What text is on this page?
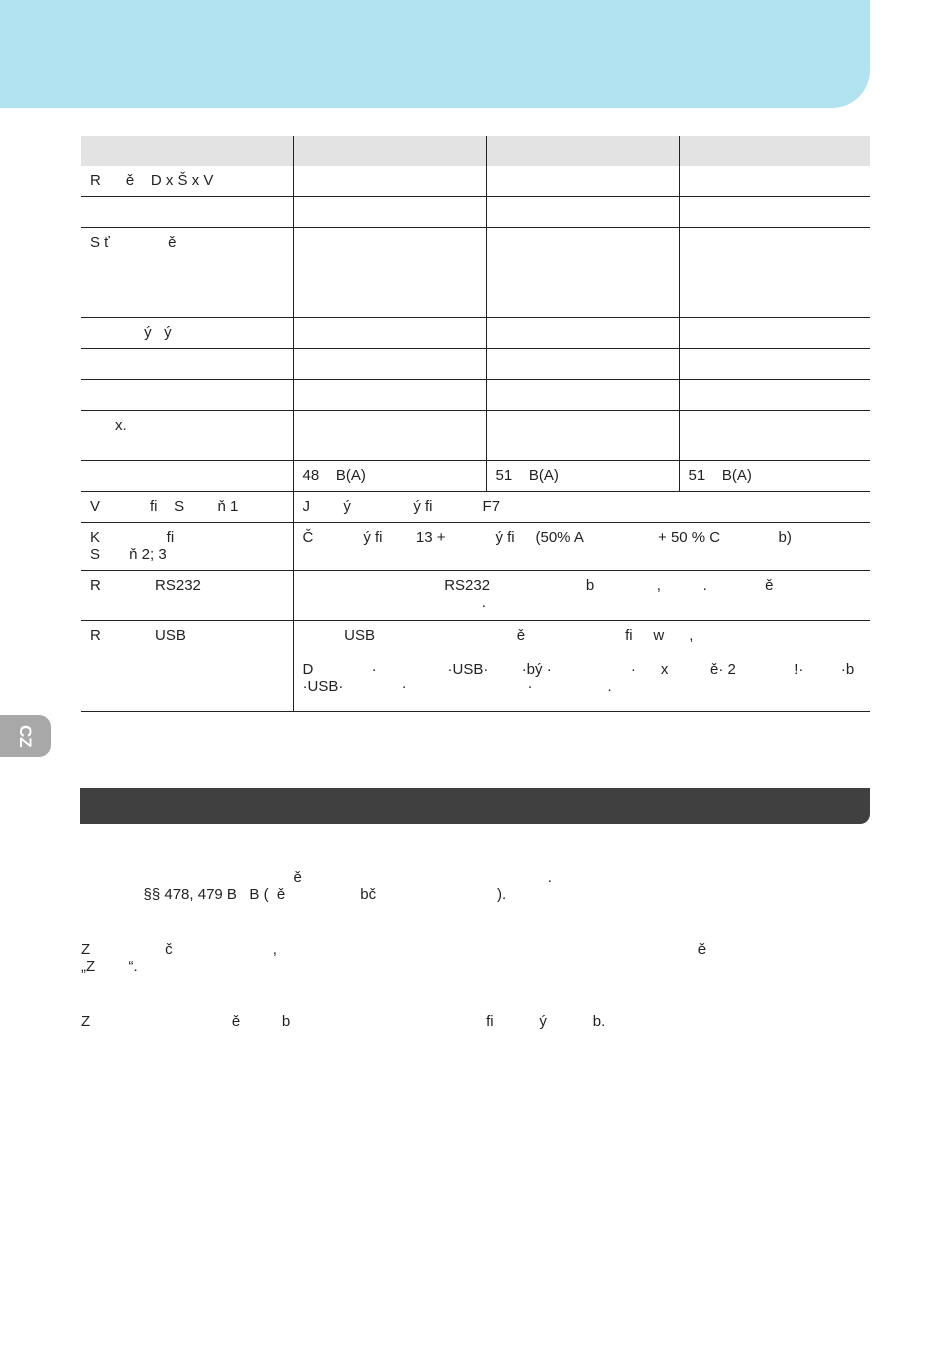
CZ

R      ě    D x Š x V			

S ť              ě			
ý   ý			

x.			
	48    B(A)	51    B(A)	51    B(A)
V            fi    S        ň 1	J        ý               ý fi            F7		
K                fi
S       ň 2; 3	Č            ý fi        13 +            ý fi     (50% A                  + 50 % C              b)		
R             RS232	RS232                       b               ,          .              ě
.		
R             USB	USB                                  ě                        fi     w      ,

D              ·                 ·USB·        ·bý ·                   ·      x          ě· 2              !·         ·b
·USB·              ·                             ·                  .		

ě                                                           .
§§ 478, 479 B   B (  ě                  bč                             ).

Z                  č                        ,                                                                                                     ě
„Z        “.

Z                                  ě          b                                               fi           ý           b.
